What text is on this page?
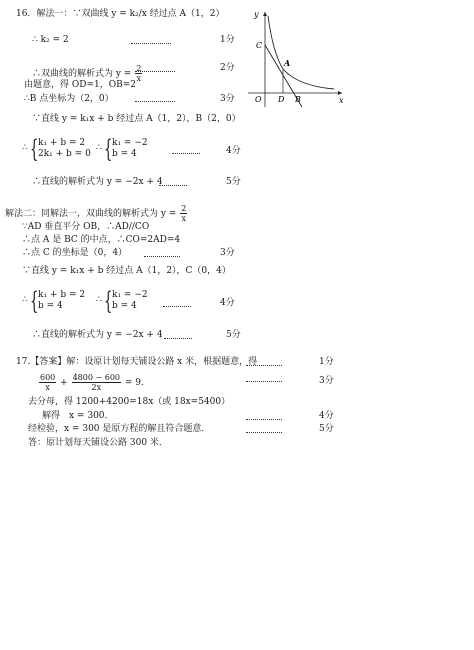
16．解法一：∵双曲线 y = k₂/x 经过点 A（1，2）
∴ k₂ = 2	1分
∴双曲线的解析式为 $y = \frac{2}{x}$	2分
由题意，得 OD=1，OB=2
∴B 点坐标为（2，0）	3分
∵直线 y = k₁x + b 经过点 A（1，2），B（2，0）
∴ { k₁ + b = 2
2k₁ + b = 0
∴ { k₁ = −2
b = 4	4分
∴直线的解析式为 y = −2x + 4	5分
解法二：同解法一，双曲线的解析式为 $y = \frac{2}{x}$
∵AD 垂直平分 OB，∴AD//CO
∴点 A 是 BC 的中点，∴CO=2AD=4
∴点 C 的坐标是（0，4）	3分
∵直线 y = k₁x + b 经过点 A（1，2），C（0，4）
∴ { k₁ + b = 2
b = 4
∴ { k₁ = −2
b = 4	4分
∴直线的解析式为 y = −2x + 4	5分
17.【答案】解：设原计划每天铺设公路 x 米，根据题意，得	1分
$\frac{600}{x} + \frac{4800 - 600}{2x} = 9$．	3分
去分母，得 1200+4200=18x（或 18x=5400）
解得　x = 300．	4分
经检验，x = 300 是原方程的解且符合题意．	5分
答：原计划每天铺设公路 300 米．
y
x
C
A
O D B
